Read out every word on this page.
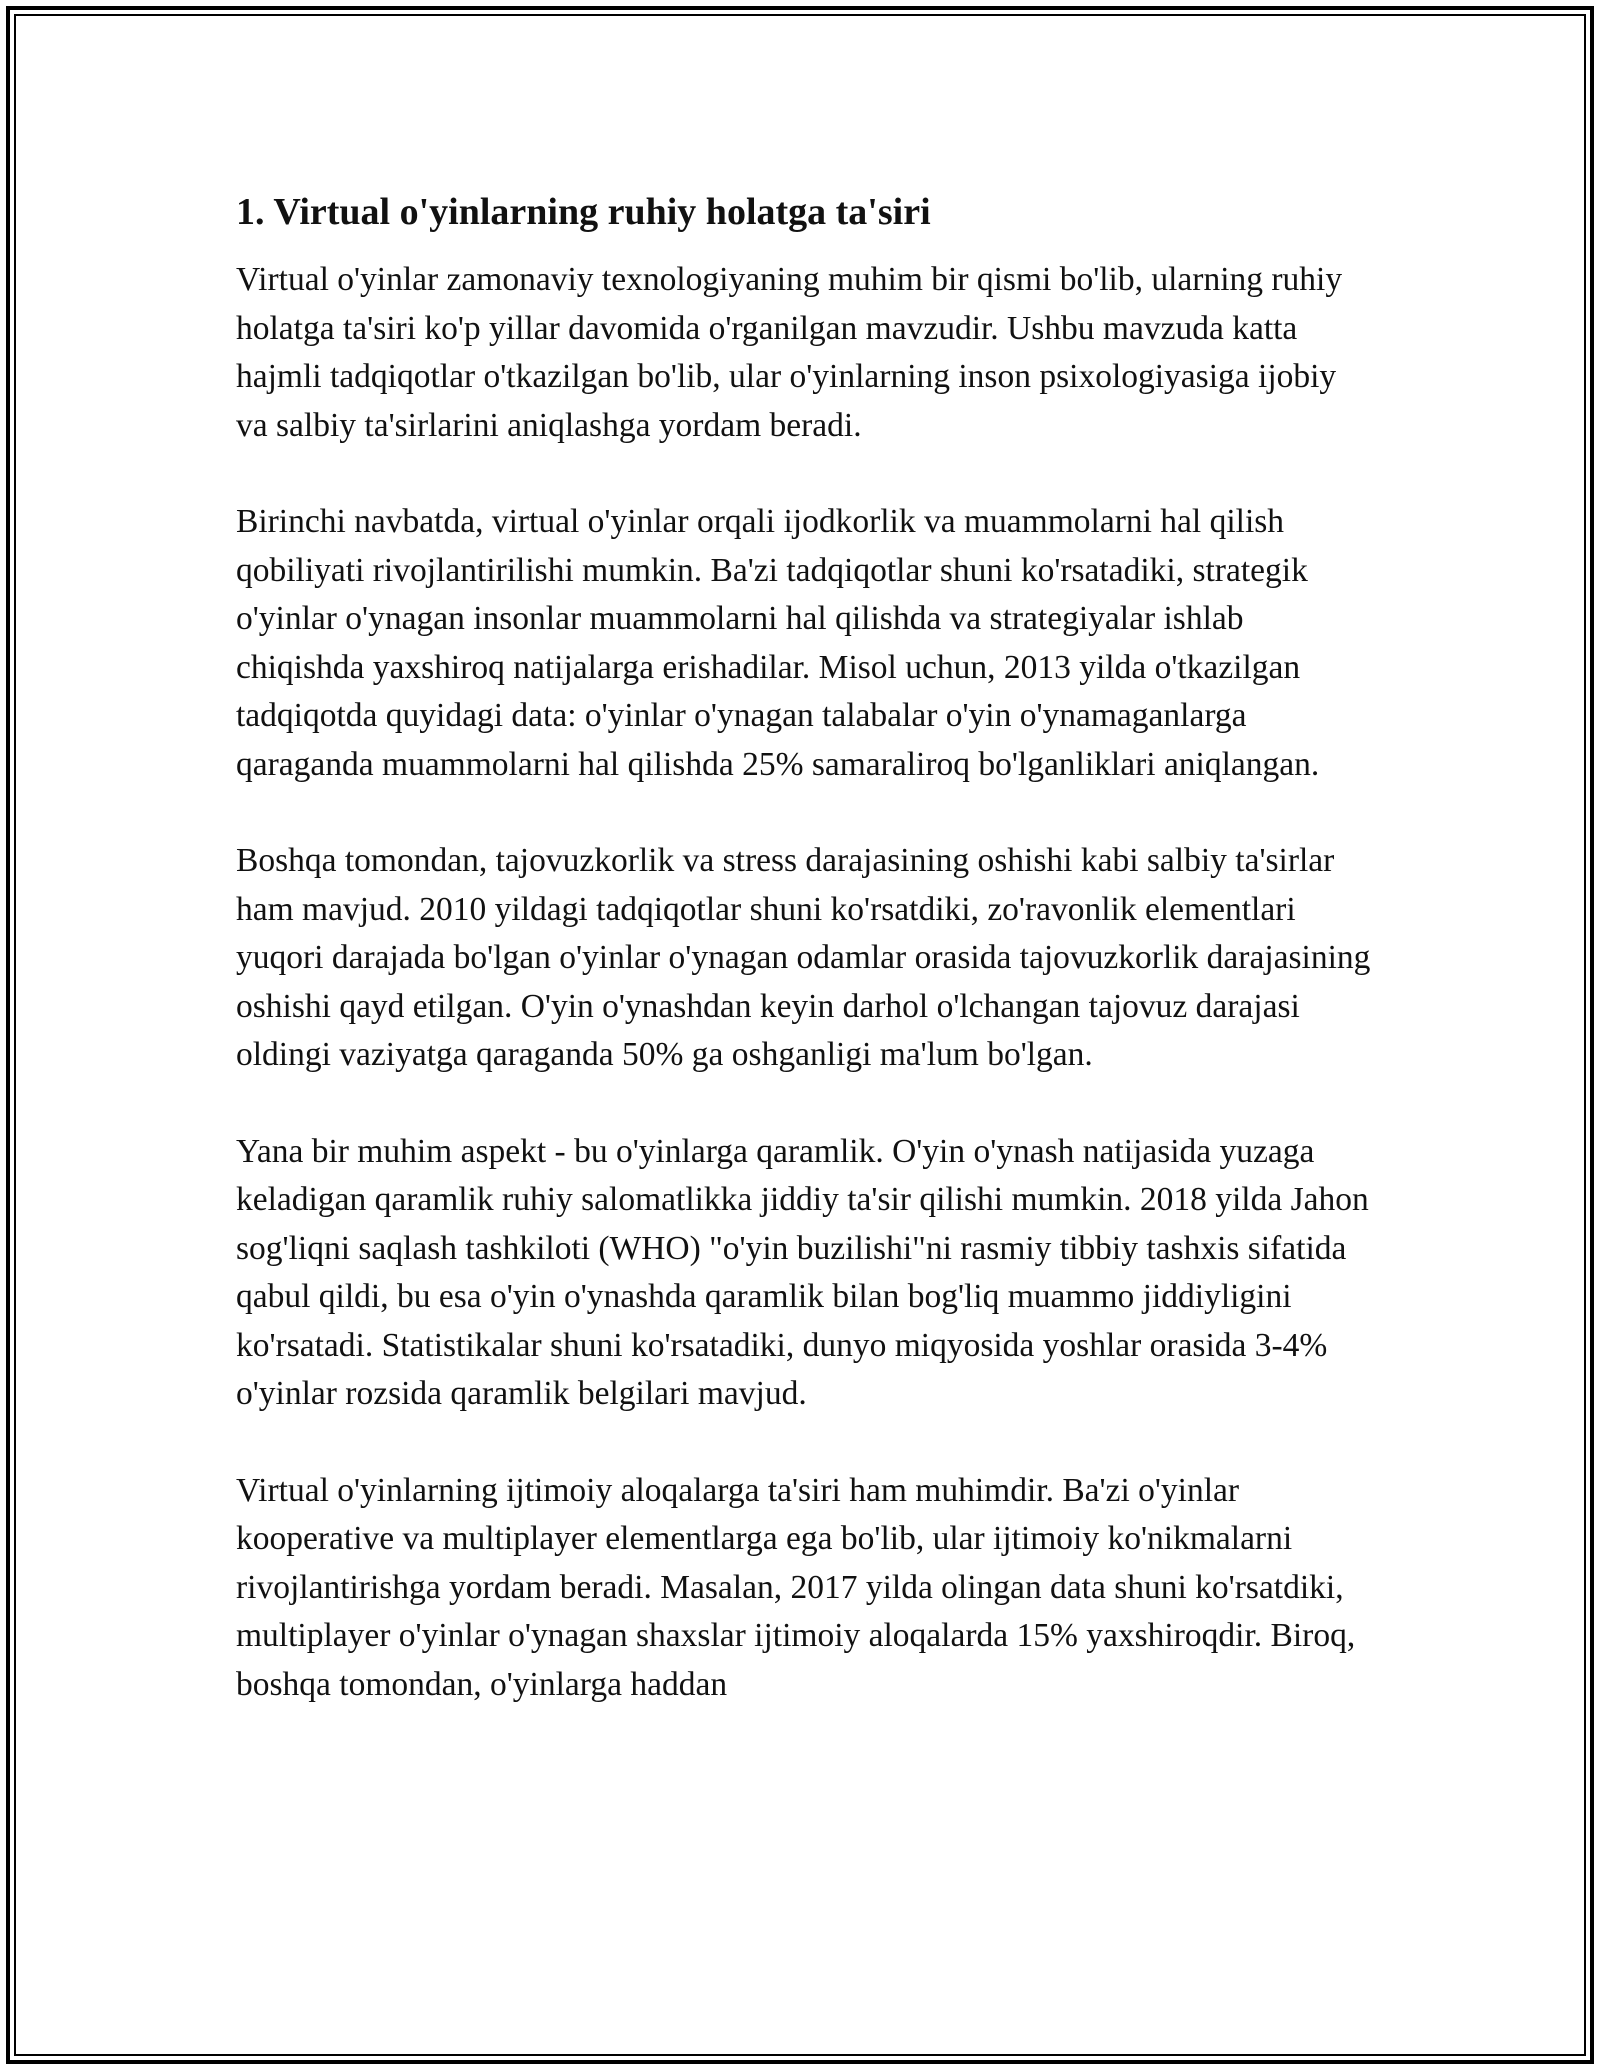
1. Virtual o'yinlarning ruhiy holatga ta'siri

Virtual o'yinlar zamonaviy texnologiyaning muhim bir qismi bo'lib, ularning ruhiy holatga ta'siri ko'p yillar davomida o'rganilgan mavzudir. Ushbu mavzuda katta hajmli tadqiqotlar o'tkazilgan bo'lib, ular o'yinlarning inson psixologiyasiga ijobiy va salbiy ta'sirlarini aniqlashga yordam beradi.

Birinchi navbatda, virtual o'yinlar orqali ijodkorlik va muammolarni hal qilish qobiliyati rivojlantirilishi mumkin. Ba'zi tadqiqotlar shuni ko'rsatadiki, strategik o'yinlar o'ynagan insonlar muammolarni hal qilishda va strategiyalar ishlab chiqishda yaxshiroq natijalarga erishadilar. Misol uchun, 2013 yilda o'tkazilgan tadqiqotda quyidagi data: o'yinlar o'ynagan talabalar o'yin o'ynamaganlarga qaraganda muammolarni hal qilishda 25% samaraliroq bo'lganliklari aniqlangan.

Boshqa tomondan, tajovuzkorlik va stress darajasining oshishi kabi salbiy ta'sirlar ham mavjud. 2010 yildagi tadqiqotlar shuni ko'rsatdiki, zo'ravonlik elementlari yuqori darajada bo'lgan o'yinlar o'ynagan odamlar orasida tajovuzkorlik darajasining oshishi qayd etilgan. O'yin o'ynashdan keyin darhol o'lchangan tajovuz darajasi oldingi vaziyatga qaraganda 50% ga oshganligi ma'lum bo'lgan.

Yana bir muhim aspekt - bu o'yinlarga qaramlik. O'yin o'ynash natijasida yuzaga keladigan qaramlik ruhiy salomatlikka jiddiy ta'sir qilishi mumkin. 2018 yilda Jahon sog'liqni saqlash tashkiloti (WHO) "o'yin buzilishi"ni rasmiy tibbiy tashxis sifatida qabul qildi, bu esa o'yin o'ynashda qaramlik bilan bog'liq muammo jiddiyligini ko'rsatadi. Statistikalar shuni ko'rsatadiki, dunyo miqyosida yoshlar orasida 3-4% o'yinlar rozsida qaramlik belgilari mavjud.

Virtual o'yinlarning ijtimoiy aloqalarga ta'siri ham muhimdir. Ba'zi o'yinlar kooperative va multiplayer elementlarga ega bo'lib, ular ijtimoiy ko'nikmalarni rivojlantirishga yordam beradi. Masalan, 2017 yilda olingan data shuni ko'rsatdiki, multiplayer o'yinlar o'ynagan shaxslar ijtimoiy aloqalarda 15% yaxshiroqdir. Biroq, boshqa tomondan, o'yinlarga haddan
